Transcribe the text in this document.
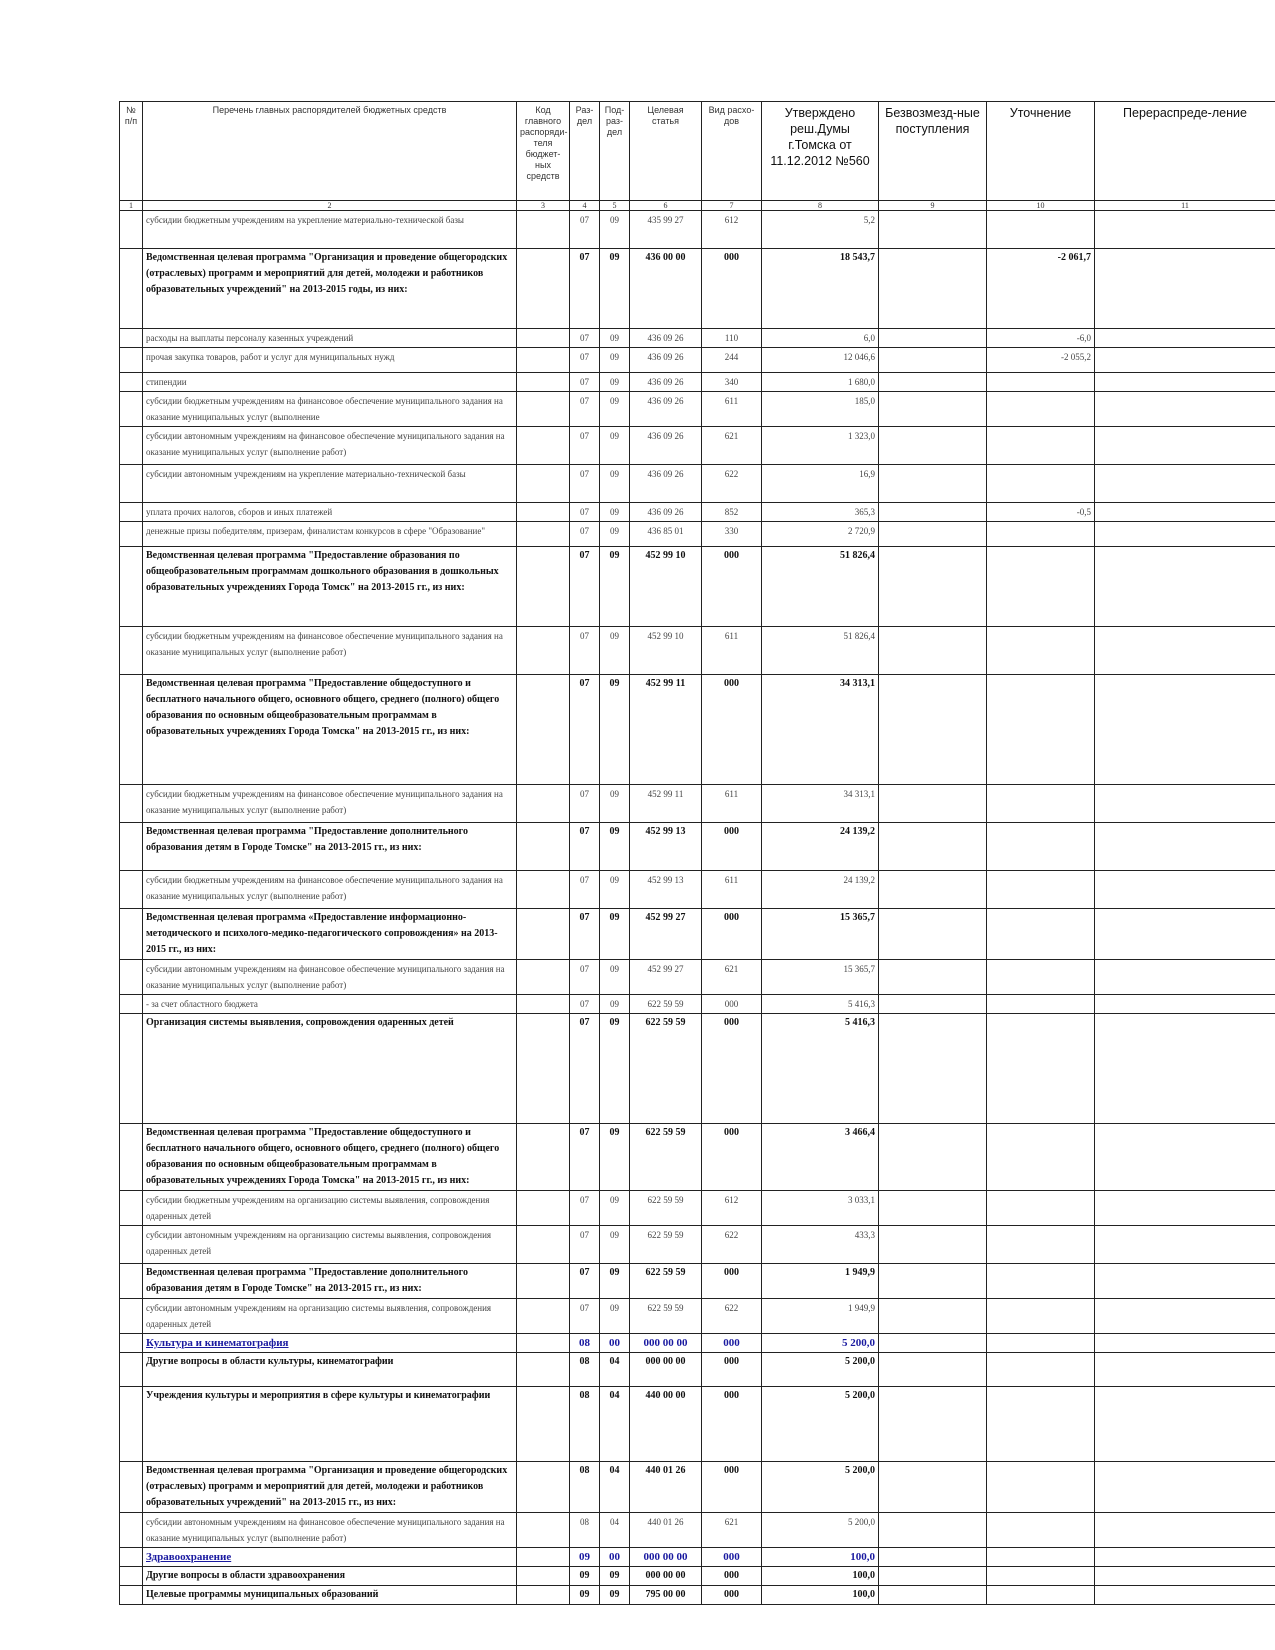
№ п/п	Перечень главных распорядителей бюджетных средств	Код главного распоряди-теля бюджет-ных средств	Раз-дел	Под-раз-дел	Целевая статья	Вид расхо-дов	Утверждено реш.Думы г.Томска от 11.12.2012 №560	Безвозмезд-ные поступления	Уточнение	Перераспреде-ление
1	2	3	4	5	6	7	8	9	10	11
	субсидии бюджетным учреждениям на укрепление материально-технической базы		07	09	435 99 27	612	5,2			
	Ведомственная целевая программа "Организация и проведение общегородских (отраслевых) программ и мероприятий для детей, молодежи и работников образовательных учреждений" на 2013-2015 годы, из них:		07	09	436 00 00	000	18 543,7		-2 061,7	
	расходы на выплаты персоналу казенных учреждений		07	09	436 09 26	110	6,0		-6,0	
	прочая закупка товаров, работ и услуг для муниципальных нужд		07	09	436 09 26	244	12 046,6		-2 055,2	
	стипендии		07	09	436 09 26	340	1 680,0			
	субсидии бюджетным учреждениям на финансовое обеспечение муниципального задания на оказание муниципальных услуг (выполнение		07	09	436 09 26	611	185,0			
	субсидии автономным учреждениям на финансовое обеспечение муниципального задания на оказание муниципальных услуг (выполнение работ)		07	09	436 09 26	621	1 323,0			
	субсидии автономным учреждениям на укрепление материально-технической базы		07	09	436 09 26	622	16,9			
	уплата прочих налогов, сборов и иных платежей		07	09	436 09 26	852	365,3		-0,5	
	денежные призы победителям, призерам, финалистам конкурсов в сфере "Образование"		07	09	436 85 01	330	2 720,9			
	Ведомственная целевая программа "Предоставление образования по общеобразовательным программам дошкольного образования в дошкольных образовательных учреждениях Города Томск" на 2013-2015 гг., из них:		07	09	452 99 10	000	51 826,4			
	субсидии бюджетным учреждениям на финансовое обеспечение муниципального задания на оказание муниципальных услуг (выполнение работ)		07	09	452 99 10	611	51 826,4			
	Ведомственная целевая программа "Предоставление общедоступного и бесплатного начального общего, основного общего, среднего (полного) общего образования по основным общеобразовательным программам в образовательных учреждениях Города Томска" на 2013-2015 гг., из них:		07	09	452 99 11	000	34 313,1			
	субсидии бюджетным учреждениям на финансовое обеспечение муниципального задания на оказание муниципальных услуг (выполнение работ)		07	09	452 99 11	611	34 313,1			
	Ведомственная целевая программа "Предоставление дополнительного образования детям в Городе Томске" на 2013-2015 гг., из них:		07	09	452 99 13	000	24 139,2			
	субсидии бюджетным учреждениям на финансовое обеспечение муниципального задания на оказание муниципальных услуг (выполнение работ)		07	09	452 99 13	611	24 139,2			
	Ведомственная целевая программа «Предоставление информационно-методического и психолого-медико-педагогического сопровождения» на 2013-2015 гг., из них:		07	09	452 99 27	000	15 365,7			
	субсидии автономным учреждениям на финансовое обеспечение муниципального задания на оказание муниципальных услуг (выполнение работ)		07	09	452 99 27	621	15 365,7			
	- за счет областного бюджета		07	09	622 59 59	000	5 416,3			
	Организация системы выявления, сопровождения одаренных детей		07	09	622 59 59	000	5 416,3			
	Ведомственная целевая программа "Предоставление общедоступного и бесплатного начального общего, основного общего, среднего (полного) общего образования по основным общеобразовательным программам в образовательных учреждениях Города Томска" на 2013-2015 гг., из них:		07	09	622 59 59	000	3 466,4			
	субсидии бюджетным учреждениям на организацию системы выявления, сопровождения одаренных детей		07	09	622 59 59	612	3 033,1			
	субсидии автономным учреждениям на организацию системы выявления, сопровождения одаренных детей		07	09	622 59 59	622	433,3			
	Ведомственная целевая программа "Предоставление дополнительного образования детям в Городе Томске" на 2013-2015 гг., из них:		07	09	622 59 59	000	1 949,9			
	субсидии автономным учреждениям на организацию системы выявления, сопровождения одаренных детей		07	09	622 59 59	622	1 949,9			
	Культура и кинематография		08	00	000 00 00	000	5 200,0			
	Другие вопросы в области культуры, кинематографии		08	04	000 00 00	000	5 200,0			
	Учреждения культуры и мероприятия в сфере культуры и кинематографии		08	04	440 00 00	000	5 200,0			
	Ведомственная целевая программа "Организация и проведение общегородских (отраслевых) программ и мероприятий для детей, молодежи и работников образовательных учреждений" на 2013-2015 гг., из них:		08	04	440 01 26	000	5 200,0			
	субсидии автономным учреждениям на финансовое обеспечение муниципального задания на оказание муниципальных услуг (выполнение работ)		08	04	440 01 26	621	5 200,0			
	Здравоохранение		09	00	000 00 00	000	100,0			
	Другие вопросы в области здравоохранения		09	09	000 00 00	000	100,0			
	Целевые программы муниципальных образований		09	09	795 00 00	000	100,0			
